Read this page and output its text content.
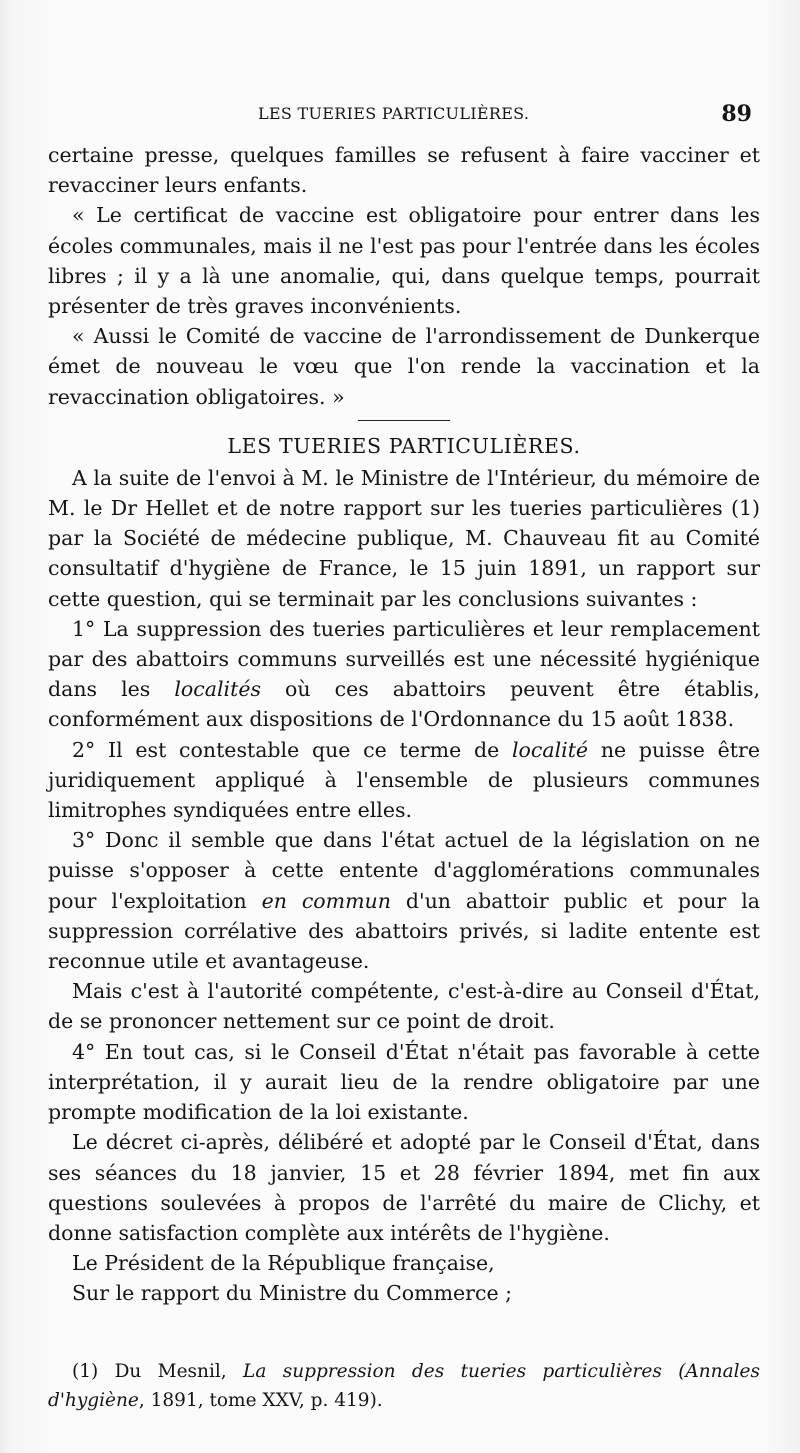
LES TUERIES PARTICULIÈRES.	89

certaine presse, quelques familles se refusent à faire vacciner et revacciner leurs enfants.

« Le certificat de vaccine est obligatoire pour entrer dans les écoles communales, mais il ne l'est pas pour l'entrée dans les écoles libres ; il y a là une anomalie, qui, dans quelque temps, pourrait présenter de très graves inconvénients.

« Aussi le Comité de vaccine de l'arrondissement de Dunkerque émet de nouveau le vœu que l'on rende la vaccination et la revaccination obligatoires. »

LES TUERIES PARTICULIÈRES.

A la suite de l'envoi à M. le Ministre de l'Intérieur, du mémoire de M. le Dr Hellet et de notre rapport sur les tueries particulières (1) par la Société de médecine publique, M. Chauveau fit au Comité consultatif d'hygiène de France, le 15 juin 1891, un rapport sur cette question, qui se terminait par les conclusions suivantes :

1° La suppression des tueries particulières et leur remplacement par des abattoirs communs surveillés est une nécessité hygiénique dans les localités où ces abattoirs peuvent être établis, conformément aux dispositions de l'Ordonnance du 15 août 1838.

2° Il est contestable que ce terme de localité ne puisse être juridiquement appliqué à l'ensemble de plusieurs communes limitrophes syndiquées entre elles.

3° Donc il semble que dans l'état actuel de la législation on ne puisse s'opposer à cette entente d'agglomérations communales pour l'exploitation en commun d'un abattoir public et pour la suppression corrélative des abattoirs privés, si ladite entente est reconnue utile et avantageuse.

Mais c'est à l'autorité compétente, c'est-à-dire au Conseil d'État, de se prononcer nettement sur ce point de droit.

4° En tout cas, si le Conseil d'État n'était pas favorable à cette interprétation, il y aurait lieu de la rendre obligatoire par une prompte modification de la loi existante.

Le décret ci-après, délibéré et adopté par le Conseil d'État, dans ses séances du 18 janvier, 15 et 28 février 1894, met fin aux questions soulevées à propos de l'arrêté du maire de Clichy, et donne satisfaction complète aux intérêts de l'hygiène.

Le Président de la République française,

Sur le rapport du Ministre du Commerce ;

(1) Du Mesnil, La suppression des tueries particulières (Annales d'hygiène, 1891, tome XXV, p. 419).
